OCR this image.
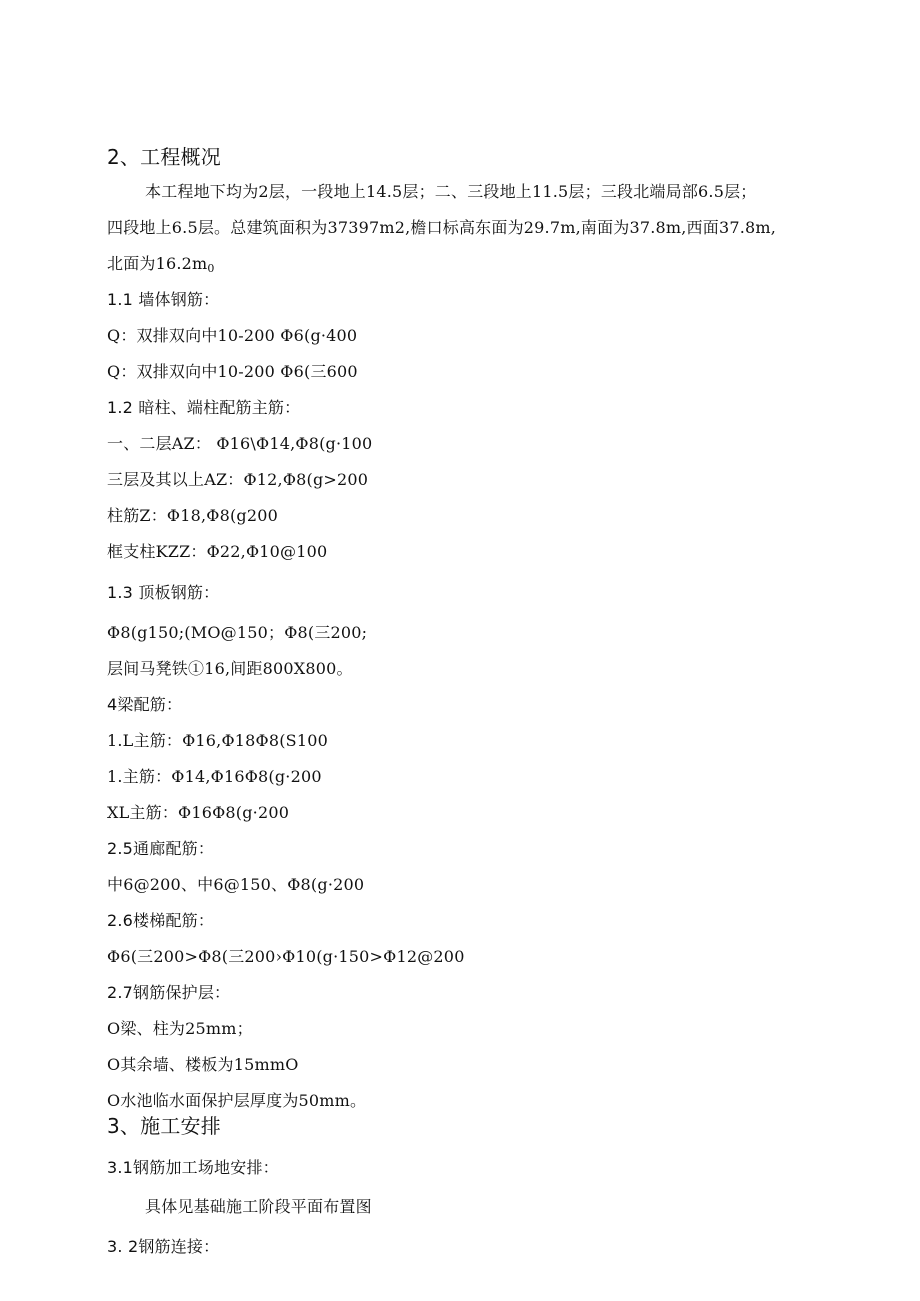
2、工程概况
本工程地下均为2层，一段地上14.5层；二、三段地上11.5层；三段北端局部6.5层；
四段地上6.5层。总建筑面积为37397m2,檐口标高东面为29.7m,南面为37.8m,西面37.8m,
北面为$16.2m_0$
1.1 墙体钢筋：
Q：双排双向中10-200 Φ6(g·400
Q：双排双向中10-200 Φ6(三600
1.2 暗柱、端柱配筋主筋：
一、二层AZ： Φ16\Φ14,Φ8(g·100
三层及其以上AZ：Φ12,Φ8(g>200
柱筋Z：Φ18,Φ8(g200
框支柱KZZ：Φ22,Φ10@100
1.3 顶板钢筋：
Φ8(g150;(MO@150；Φ8(三200;
层间马凳铁①16,间距800X800。
4梁配筋：
1.L主筋：Φ16,Φ18Φ8(S100
1.主筋：Φ14,Φ16Φ8(g·200
XL主筋：Φ16Φ8(g·200
2.5通廊配筋：
中6@200、中6@150、Φ8(g·200
2.6楼梯配筋：
Φ6(三200>Φ8(三200›Φ10(g·150>Φ12@200
2.7钢筋保护层：
O梁、柱为25mm；
O其余墙、楼板为15mmO
O水池临水面保护层厚度为50mm。
3、施工安排
3.1钢筋加工场地安排：
具体见基础施工阶段平面布置图
3. 2钢筋连接：
